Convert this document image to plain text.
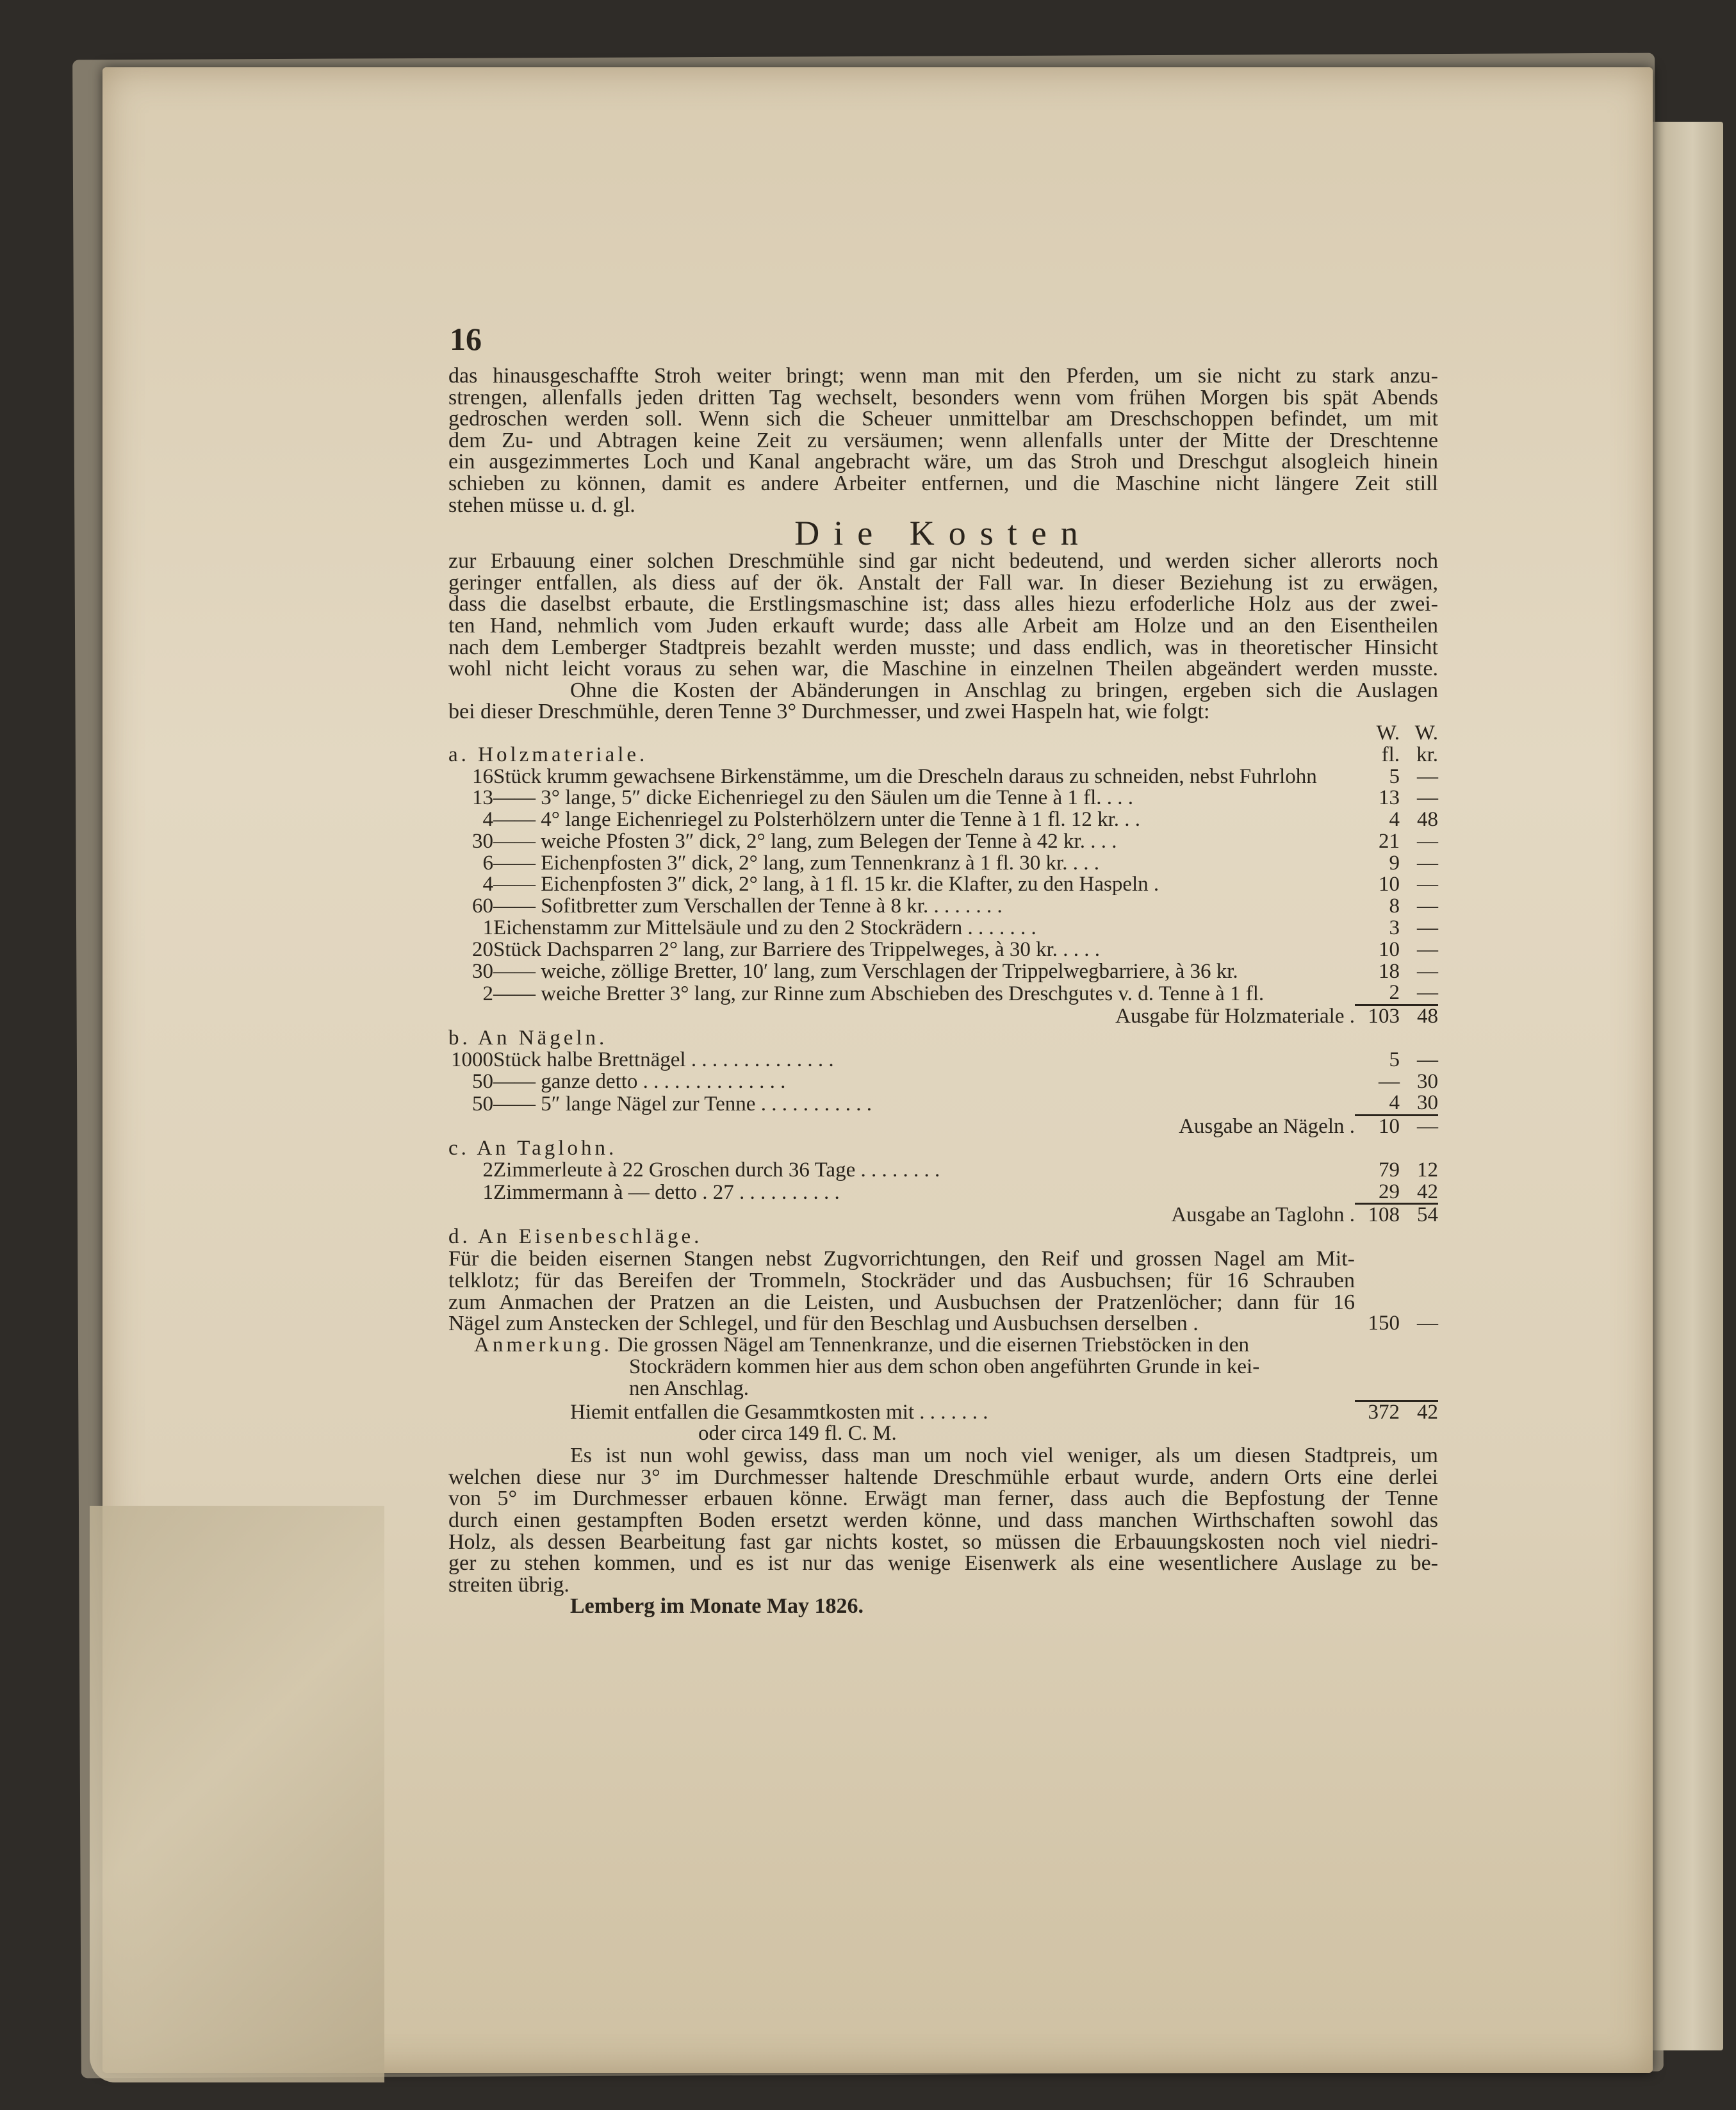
16
das hinausgeschaffte Stroh weiter bringt; wenn man mit den Pferden, um sie nicht zu stark anzu-
strengen, allenfalls jeden dritten Tag wechselt, besonders wenn vom frühen Morgen bis spät Abends
gedroschen werden soll. Wenn sich die Scheuer unmittelbar am Dreschschoppen befindet, um mit
dem Zu- und Abtragen keine Zeit zu versäumen; wenn allenfalls unter der Mitte der Dreschtenne
ein ausgezimmertes Loch und Kanal angebracht wäre, um das Stroh und Dreschgut alsogleich hinein
schieben zu können, damit es andere Arbeiter entfernen, und die Maschine nicht längere Zeit still
stehen müsse u. d. gl.
Die Kosten
zur Erbauung einer solchen Dreschmühle sind gar nicht bedeutend, und werden sicher allerorts noch
geringer entfallen, als diess auf der ök. Anstalt der Fall war. In dieser Beziehung ist zu erwägen,
dass die daselbst erbaute, die Erstlingsmaschine ist; dass alles hiezu erfoderliche Holz aus der zwei-
ten Hand, nehmlich vom Juden erkauft wurde; dass alle Arbeit am Holze und an den Eisentheilen
nach dem Lemberger Stadtpreis bezahlt werden musste; und dass endlich, was in theoretischer Hinsicht
wohl nicht leicht voraus zu sehen war, die Maschine in einzelnen Theilen abgeändert werden musste.
Ohne die Kosten der Abänderungen in Anschlag zu bringen, ergeben sich die Auslagen
bei dieser Dreschmühle, deren Tenne 3° Durchmesser, und zwei Haspeln hat, wie folgt:
		W.	W.
a. Holzmateriale.		fl.	kr.
16	Stück krumm gewachsene Birkenstämme, um die Drescheln daraus zu schneiden, nebst Fuhrlohn	5	—
13	—— 3° lange, 5″ dicke Eichenriegel zu den Säulen um die Tenne à 1 fl. . . .	13	—
4	—— 4° lange Eichenriegel zu Polsterhölzern unter die Tenne à 1 fl. 12 kr. . .	4	48
30	—— weiche Pfosten 3″ dick, 2° lang, zum Belegen der Tenne à 42 kr. . . .	21	—
6	—— Eichenpfosten 3″ dick, 2° lang, zum Tennenkranz à 1 fl. 30 kr. . . .	9	—
4	—— Eichenpfosten 3″ dick, 2° lang, à 1 fl. 15 kr. die Klafter, zu den Haspeln .	10	—
60	—— Sofitbretter zum Verschallen der Tenne à 8 kr. . . . . . . .	8	—
1	Eichenstamm zur Mittelsäule und zu den 2 Stockrädern . . . . . . .	3	—
20	Stück Dachsparren 2° lang, zur Barriere des Trippelweges, à 30 kr. . . . .	10	—
30	—— weiche, zöllige Bretter, 10′ lang, zum Verschlagen der Trippelwegbarriere, à 36 kr.	18	—
2	—— weiche Bretter 3° lang, zur Rinne zum Abschieben des Dreschgutes v. d. Tenne à 1 fl.	2	—
Ausgabe für Holzmateriale .		103	48
b. An Nägeln.			
1000	Stück halbe Brettnägel . . . . . . . . . . . . . .	5	—
50	—— ganze detto . . . . . . . . . . . . . .	—	30
50	—— 5″ lange Nägel zur Tenne . . . . . . . . . . .	4	30
Ausgabe an Nägeln .		10	—
c. An Taglohn.			
2	Zimmerleute à 22 Groschen durch 36 Tage . . . . . . . .	79	12
1	Zimmermann à — detto . 27 . . . . . . . . . .	29	42
Ausgabe an Taglohn .		108	54
d. An Eisenbeschläge.			
Für die beiden eisernen Stangen nebst Zugvorrichtungen, den Reif und grossen Nagel am Mit-			
telklotz; für das Bereifen der Trommeln, Stockräder und das Ausbuchsen; für 16 Schrauben			
zum Anmachen der Pratzen an die Leisten, und Ausbuchsen der Pratzenlöcher; dann für 16			
Nägel zum Anstecken der Schlegel, und für den Beschlag und Ausbuchsen derselben .		150	—
Anmerkung. Die grossen Nägel am Tennenkranze, und die eisernen Triebstöcken in den			
Stockrädern kommen hier aus dem schon oben angeführten Grunde in kei-			
nen Anschlag.			
Hiemit entfallen die Gesammtkosten mit . . . . . . .		372	42
oder circa 149 fl. C. M.			
Es ist nun wohl gewiss, dass man um noch viel weniger, als um diesen Stadtpreis, um
welchen diese nur 3° im Durchmesser haltende Dreschmühle erbaut wurde, andern Orts eine derlei
von 5° im Durchmesser erbauen könne. Erwägt man ferner, dass auch die Bepfostung der Tenne
durch einen gestampften Boden ersetzt werden könne, und dass manchen Wirthschaften sowohl das
Holz, als dessen Bearbeitung fast gar nichts kostet, so müssen die Erbauungskosten noch viel niedri-
ger zu stehen kommen, und es ist nur das wenige Eisenwerk als eine wesentlichere Auslage zu be-
streiten übrig.
Lemberg im Monate May 1826.
